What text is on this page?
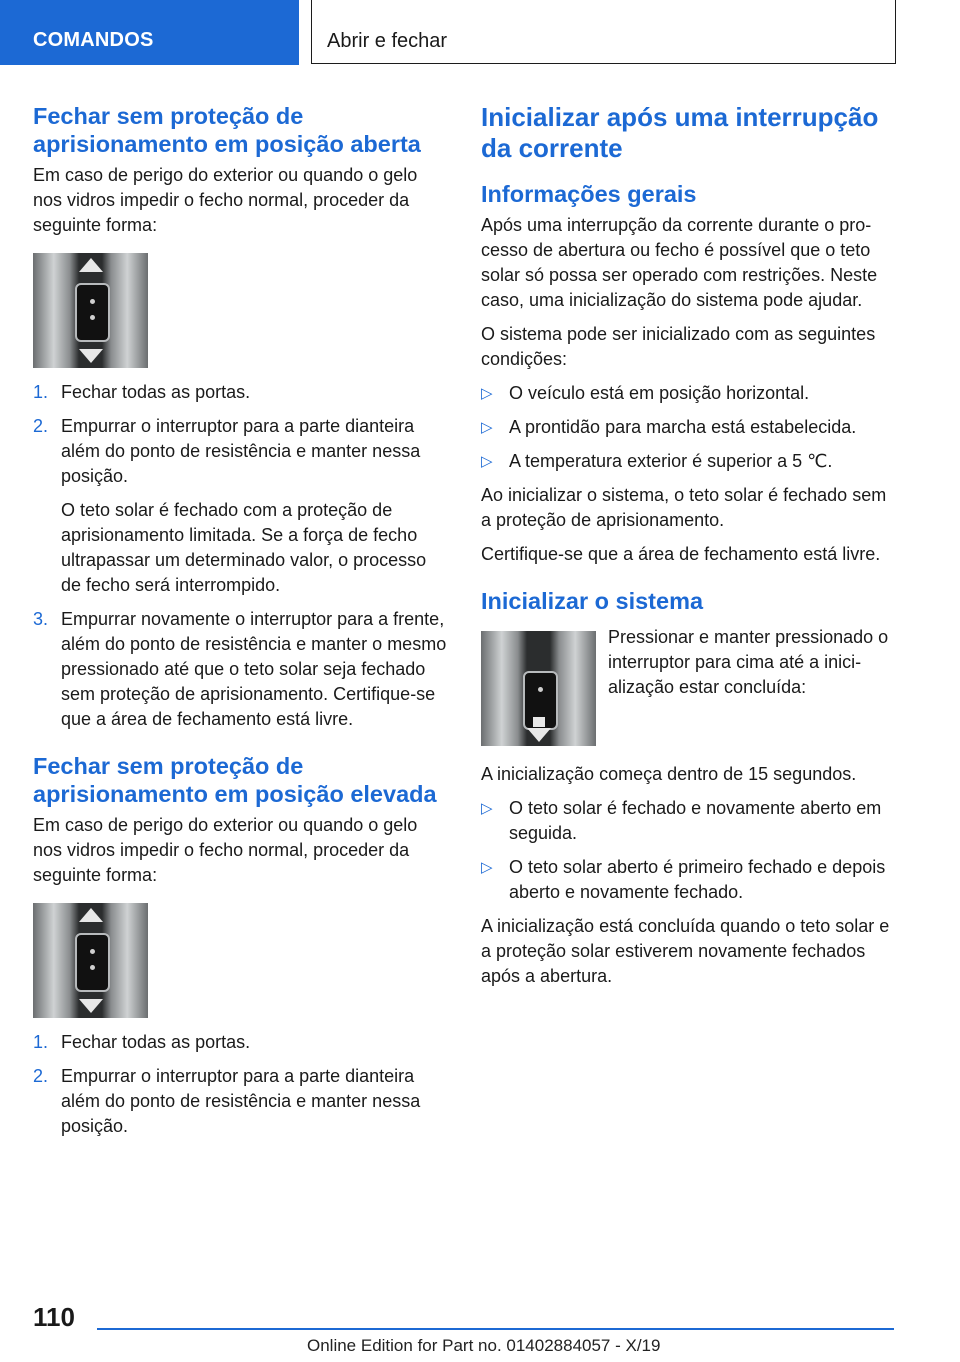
COMANDOS	Abrir e fechar
Fechar sem proteção de aprisionamento em posição aberta

Em caso de perigo do exterior ou quando o gelo nos vidros impedir o fecho normal, proceder da seguinte forma:

1. Fechar todas as portas.
2. Empurrar o interruptor para a parte dianteira além do ponto de resistência e manter nessa posição.

O teto solar é fechado com a proteção de aprisionamento limitada. Se a força de fecho ultrapassar um determinado valor, o processo de fecho será interrompido.

3. Empurrar novamente o interruptor para a frente, além do ponto de resistência e manter o mesmo pressionado até que o teto solar seja fechado sem proteção de aprisionamento. Certifique-se que a área de fechamento está livre.
Fechar sem proteção de aprisionamento em posição elevada

Em caso de perigo do exterior ou quando o gelo nos vidros impedir o fecho normal, proceder da seguinte forma:

1. Fechar todas as portas.
2. Empurrar o interruptor para a parte dianteira além do ponto de resistência e manter nessa posição.
Inicializar após uma interrupção da corrente
Informações gerais

Após uma interrupção da corrente durante o processo de abertura ou fecho é possível que o teto solar só possa ser operado com restrições. Neste caso, uma inicialização do sistema pode ajudar.

O sistema pode ser inicializado com as seguintes condições:

▷ O veículo está em posição horizontal.
▷ A prontidão para marcha está estabelecida.
▷ A temperatura exterior é superior a 5 ℃.

Ao inicializar o sistema, o teto solar é fechado sem a proteção de aprisionamento.

Certifique-se que a área de fechamento está livre.

Inicializar o sistema

Pressionar e manter pressionado o interruptor para cima até a inicialização estar concluída:

A inicialização começa dentro de 15 segundos.

▷ O teto solar é fechado e novamente aberto em seguida.
▷ O teto solar aberto é primeiro fechado e depois aberto e novamente fechado.

A inicialização está concluída quando o teto solar e a proteção solar estiverem novamente fechados após a abertura.

110
Online Edition for Part no. 01402884057 - X/19
